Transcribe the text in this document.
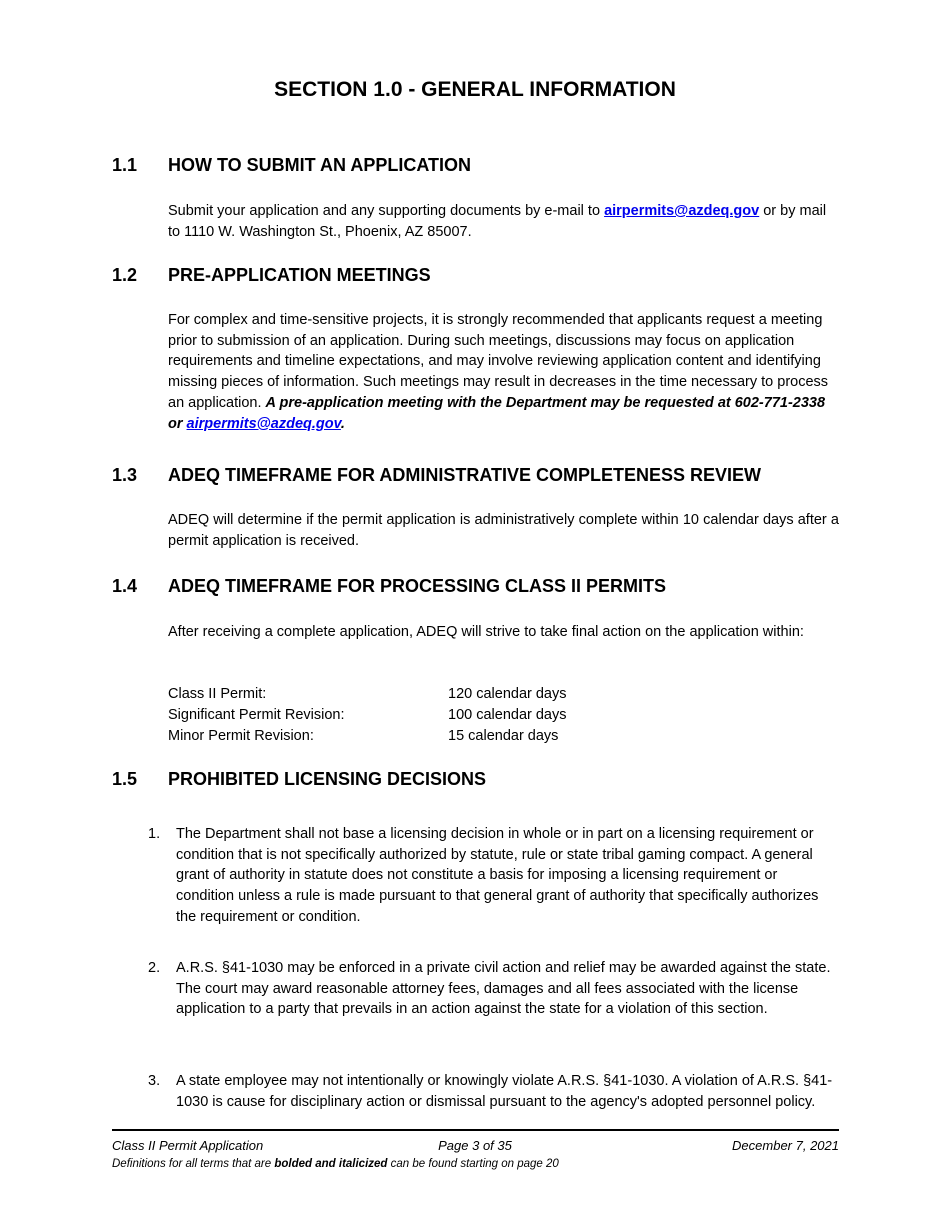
SECTION 1.0 - GENERAL INFORMATION
1.1 HOW TO SUBMIT AN APPLICATION
Submit your application and any supporting documents by e-mail to airpermits@azdeq.gov or by mail to 1110 W. Washington St., Phoenix, AZ 85007.
1.2 PRE-APPLICATION MEETINGS
For complex and time-sensitive projects, it is strongly recommended that applicants request a meeting prior to submission of an application. During such meetings, discussions may focus on application requirements and timeline expectations, and may involve reviewing application content and identifying missing pieces of information. Such meetings may result in decreases in the time necessary to process an application. A pre-application meeting with the Department may be requested at 602-771-2338 or airpermits@azdeq.gov.
1.3 ADEQ TIMEFRAME FOR ADMINISTRATIVE COMPLETENESS REVIEW
ADEQ will determine if the permit application is administratively complete within 10 calendar days after a permit application is received.
1.4 ADEQ TIMEFRAME FOR PROCESSING CLASS II PERMITS
After receiving a complete application, ADEQ will strive to take final action on the application within:
Class II Permit:	120 calendar days
Significant Permit Revision:	100 calendar days
Minor Permit Revision:	15 calendar days
1.5 PROHIBITED LICENSING DECISIONS
1. The Department shall not base a licensing decision in whole or in part on a licensing requirement or condition that is not specifically authorized by statute, rule or state tribal gaming compact. A general grant of authority in statute does not constitute a basis for imposing a licensing requirement or condition unless a rule is made pursuant to that general grant of authority that specifically authorizes the requirement or condition.
2. A.R.S. §41-1030 may be enforced in a private civil action and relief may be awarded against the state. The court may award reasonable attorney fees, damages and all fees associated with the license application to a party that prevails in an action against the state for a violation of this section.
3. A state employee may not intentionally or knowingly violate A.R.S. §41-1030. A violation of A.R.S. §41-1030 is cause for disciplinary action or dismissal pursuant to the agency's adopted personnel policy.
Class II Permit Application	Page 3 of 35	December 7, 2021
Definitions for all terms that are bolded and italicized can be found starting on page 20
